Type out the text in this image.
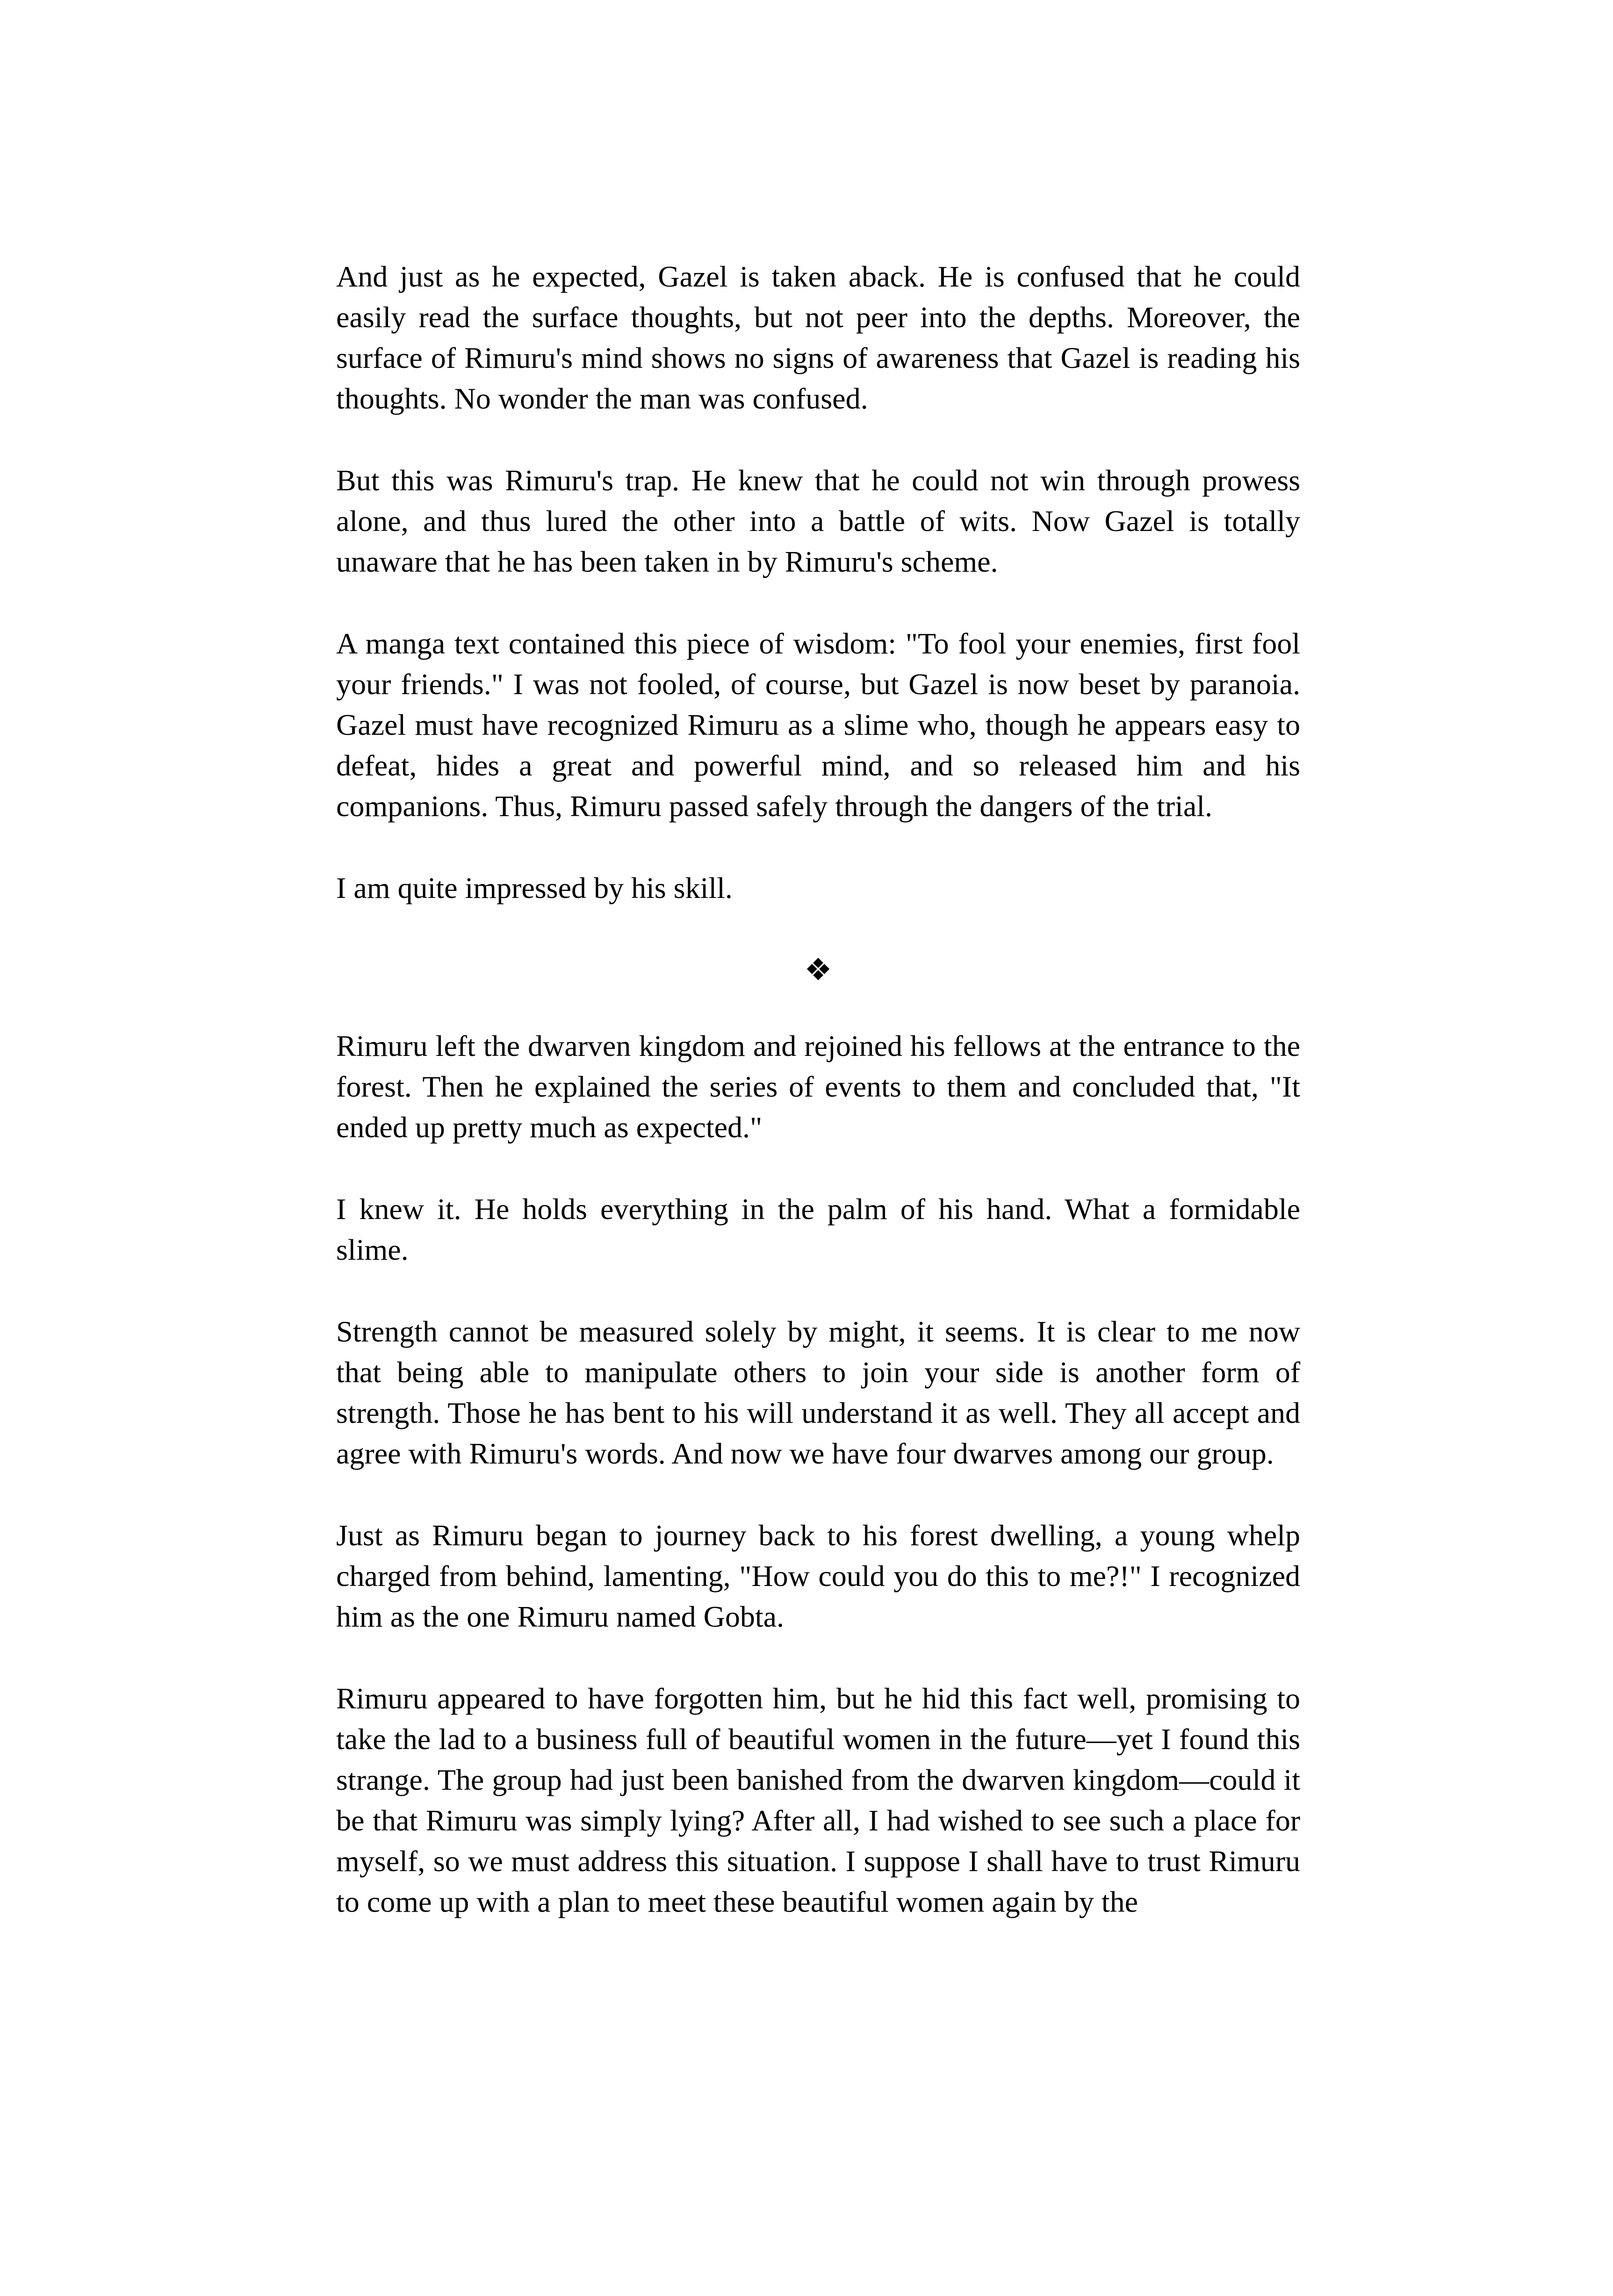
And just as he expected, Gazel is taken aback. He is confused that he could easily read the surface thoughts, but not peer into the depths. Moreover, the surface of Rimuru's mind shows no signs of awareness that Gazel is reading his thoughts. No wonder the man was confused.

But this was Rimuru's trap. He knew that he could not win through prowess alone, and thus lured the other into a battle of wits. Now Gazel is totally unaware that he has been taken in by Rimuru's scheme.

A manga text contained this piece of wisdom: "To fool your enemies, first fool your friends." I was not fooled, of course, but Gazel is now beset by paranoia. Gazel must have recognized Rimuru as a slime who, though he appears easy to defeat, hides a great and powerful mind, and so released him and his companions. Thus, Rimuru passed safely through the dangers of the trial.

I am quite impressed by his skill.

❖

Rimuru left the dwarven kingdom and rejoined his fellows at the entrance to the forest. Then he explained the series of events to them and concluded that, "It ended up pretty much as expected."

I knew it. He holds everything in the palm of his hand. What a formidable slime.

Strength cannot be measured solely by might, it seems. It is clear to me now that being able to manipulate others to join your side is another form of strength. Those he has bent to his will understand it as well. They all accept and agree with Rimuru's words. And now we have four dwarves among our group.

Just as Rimuru began to journey back to his forest dwelling, a young whelp charged from behind, lamenting, "How could you do this to me?!" I recognized him as the one Rimuru named Gobta.

Rimuru appeared to have forgotten him, but he hid this fact well, promising to take the lad to a business full of beautiful women in the future—yet I found this strange. The group had just been banished from the dwarven kingdom—could it be that Rimuru was simply lying? After all, I had wished to see such a place for myself, so we must address this situation. I suppose I shall have to trust Rimuru to come up with a plan to meet these beautiful women again by the
